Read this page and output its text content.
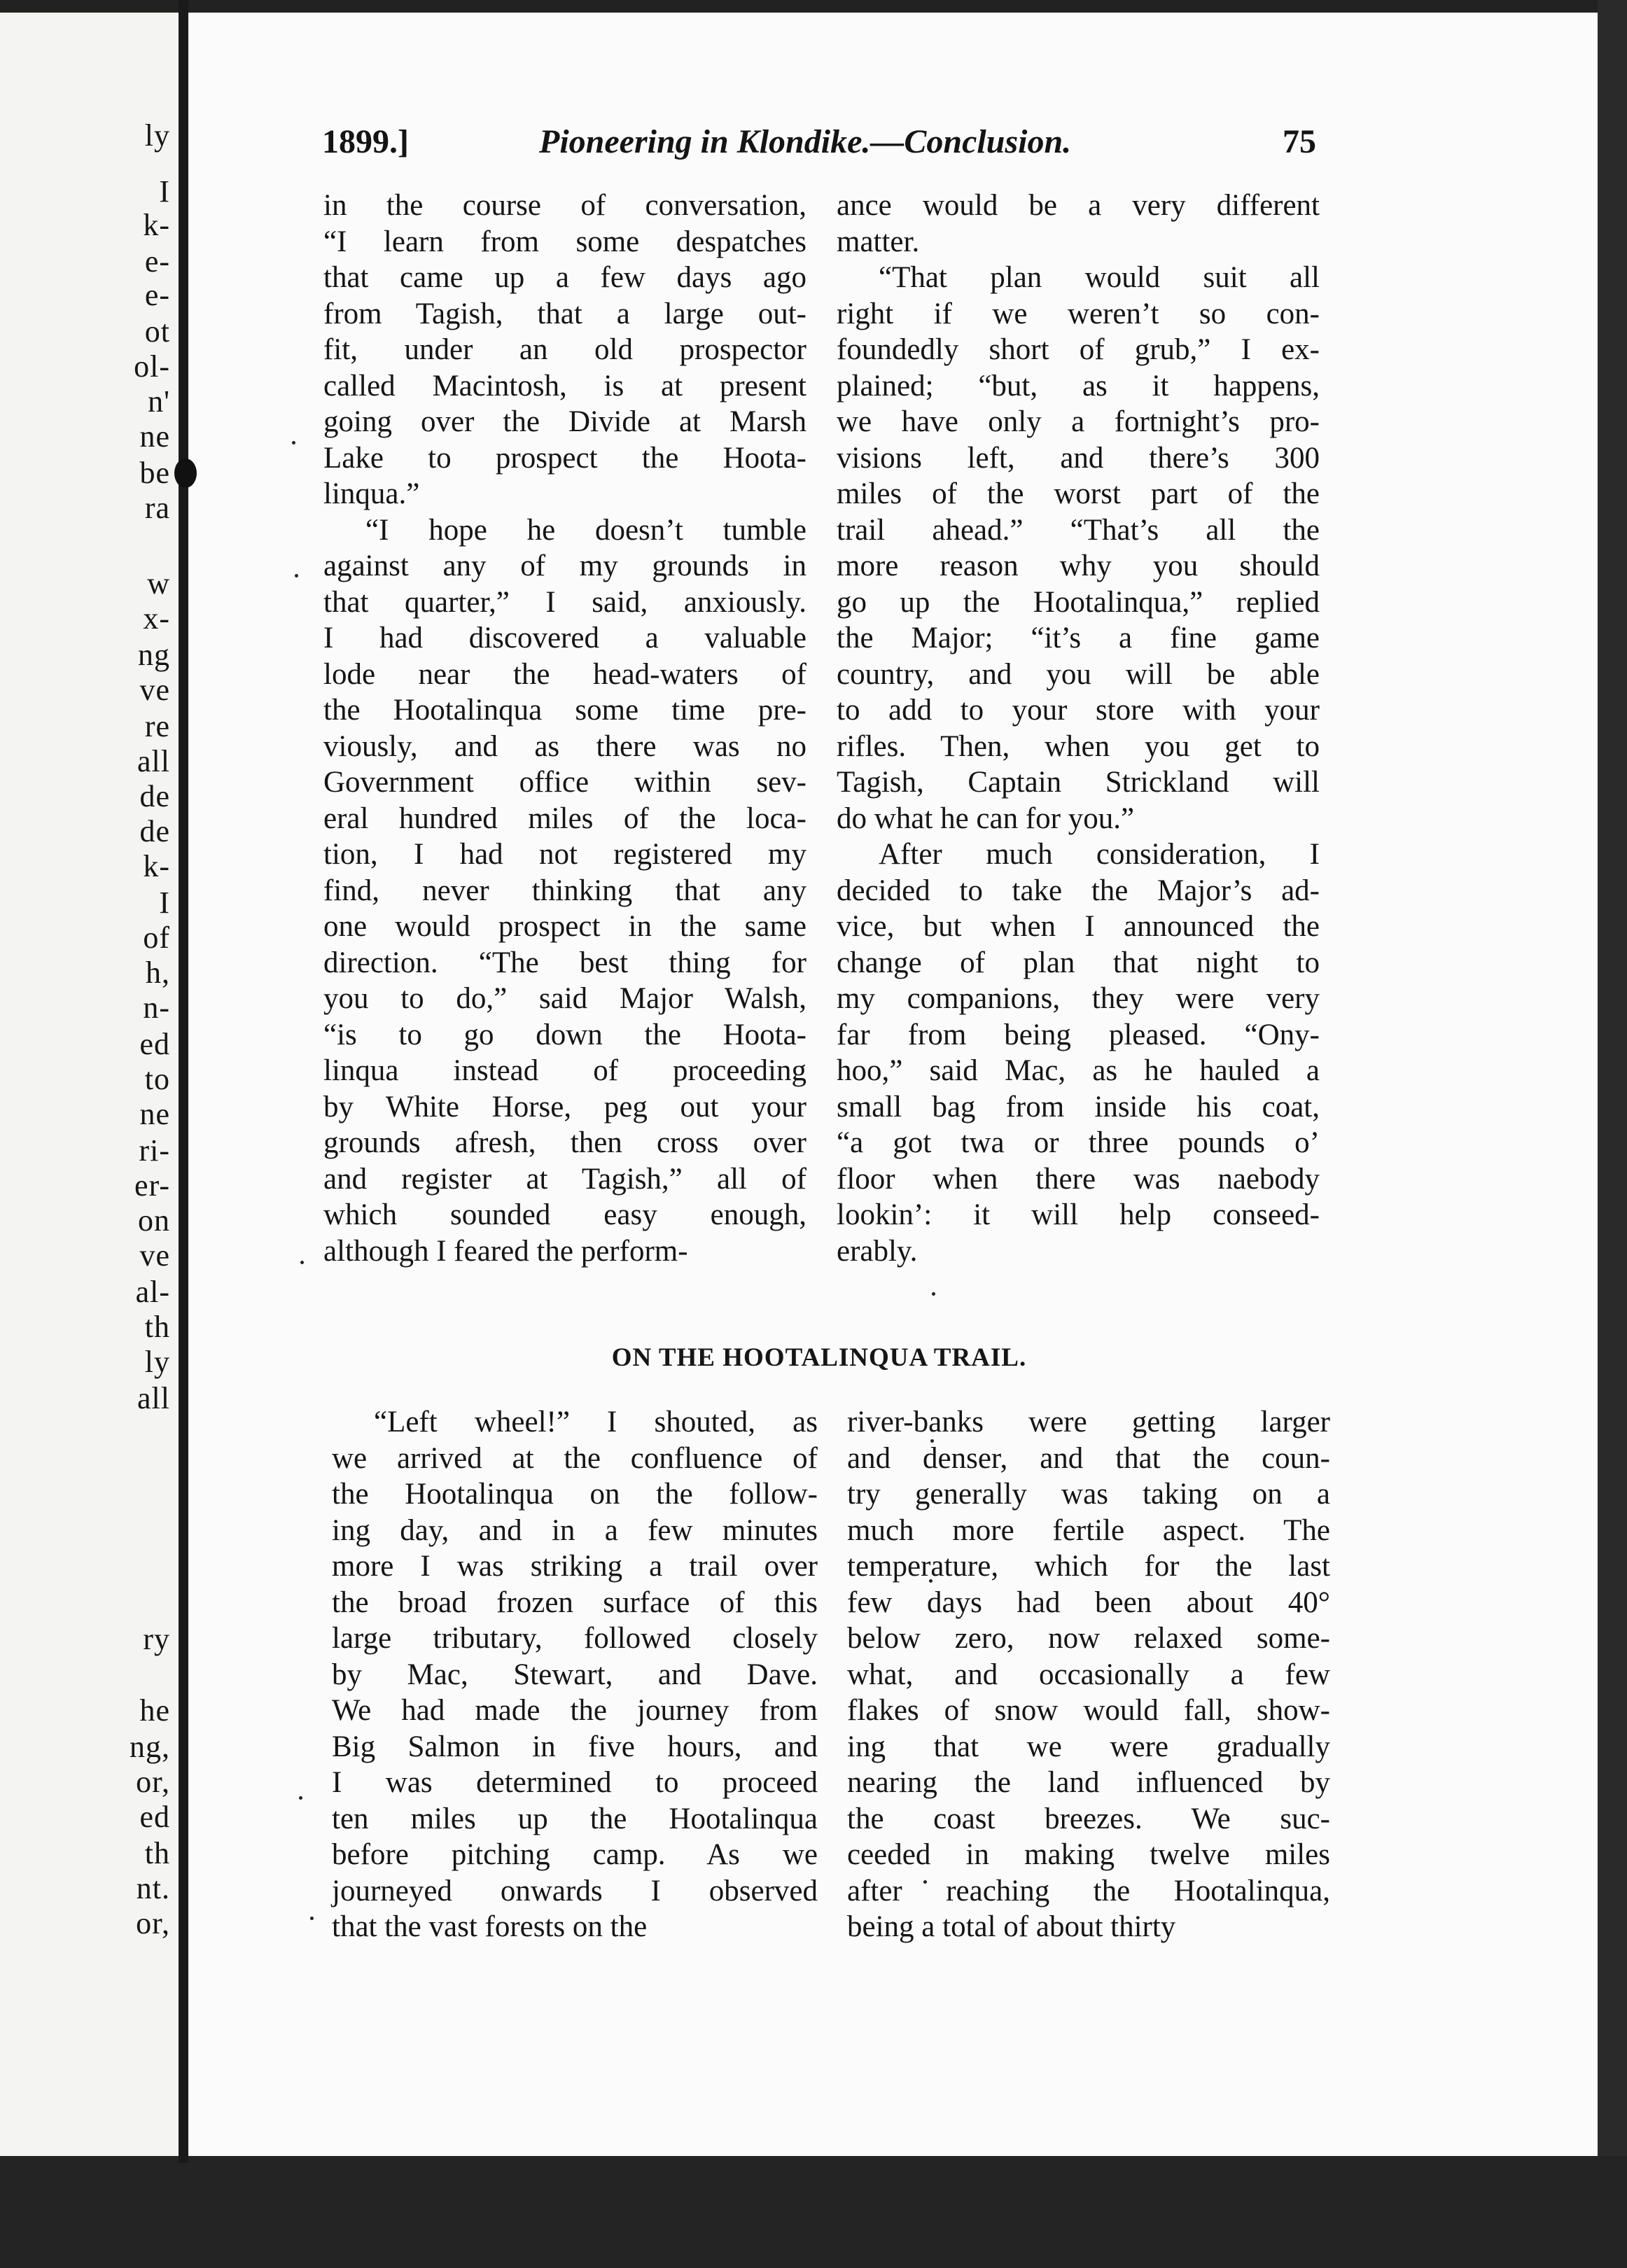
ly
I
k-
e-
e-
ot
ol-
n'
ne
be
ra
w
x-
ng
ve
re
all
de
de
k-
I
of
h,
n-
ed
to
ne
ri-
er-
on
ve
al-
th
ly
all
ry
he
ng,
or,
ed
th
nt.
or,
1899.]	Pioneering in Klondike.—Conclusion.	75
in the course of conversation,
“I learn from some despatches
that came up a few days ago
from Tagish, that a large out-
fit, under an old prospector
called Macintosh, is at present
going over the Divide at Marsh
Lake to prospect the Hoota-
linqua.”
“I hope he doesn’t tumble
against any of my grounds in
that quarter,” I said, anxiously.
I had discovered a valuable
lode near the head-waters of
the Hootalinqua some time pre-
viously, and as there was no
Government office within sev-
eral hundred miles of the loca-
tion, I had not registered my
find, never thinking that any
one would prospect in the same
direction. “The best thing for
you to do,” said Major Walsh,
“is to go down the Hoota-
linqua instead of proceeding
by White Horse, peg out your
grounds afresh, then cross over
and register at Tagish,” all of
which sounded easy enough,
although I feared the perform-
ance would be a very different
matter.
“That plan would suit all
right if we weren’t so con-
foundedly short of grub,” I ex-
plained; “but, as it happens,
we have only a fortnight’s pro-
visions left, and there’s 300
miles of the worst part of the
trail ahead.” “That’s all the
more reason why you should
go up the Hootalinqua,” replied
the Major; “it’s a fine game
country, and you will be able
to add to your store with your
rifles. Then, when you get to
Tagish, Captain Strickland will
do what he can for you.”
After much consideration, I
decided to take the Major’s ad-
vice, but when I announced the
change of plan that night to
my companions, they were very
far from being pleased. “Ony-
hoo,” said Mac, as he hauled a
small bag from inside his coat,
“a got twa or three pounds o’
floor when there was naebody
lookin’: it will help conseed-
erably.
ON THE HOOTALINQUA TRAIL.
“Left wheel!” I shouted, as
we arrived at the confluence of
the Hootalinqua on the follow-
ing day, and in a few minutes
more I was striking a trail over
the broad frozen surface of this
large tributary, followed closely
by Mac, Stewart, and Dave.
We had made the journey from
Big Salmon in five hours, and
I was determined to proceed
ten miles up the Hootalinqua
before pitching camp. As we
journeyed onwards I observed
that the vast forests on the
river-banks were getting larger
and denser, and that the coun-
try generally was taking on a
much more fertile aspect. The
temperature, which for the last
few days had been about 40°
below zero, now relaxed some-
what, and occasionally a few
flakes of snow would fall, show-
ing that we were gradually
nearing the land influenced by
the coast breezes. We suc-
ceeded in making twelve miles
after reaching the Hootalinqua,
being a total of about thirty
